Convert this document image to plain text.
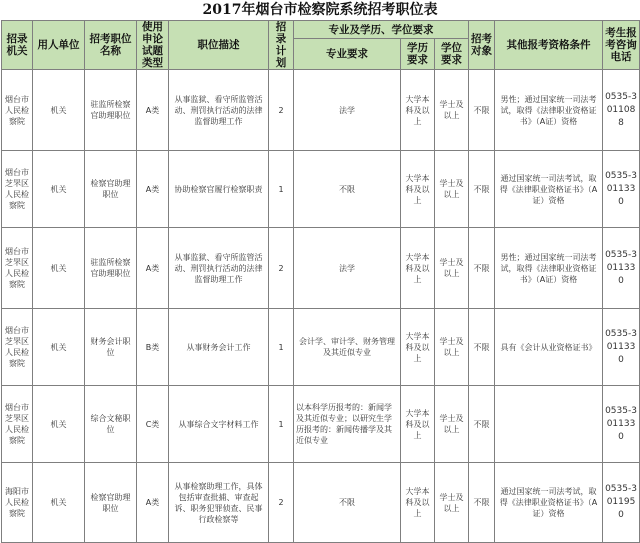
2017年烟台市检察院系统招考职位表
招录机关	用人单位	招考职位名称	使用申论试题类型	职位描述	招录计划	专业及学历、学位要求			招考对象	其他报考资格条件	考生报考咨询电话
						专业要求	学历要求	学位要求			
烟台市人民检察院	机关	驻监所检察官助理职位	A类	从事监狱、看守所监管活动、刑罚执行活动的法律监督助理工作	2	法学	大学本科及以上	学士及以上	不限	男性；通过国家统一司法考试，取得《法律职业资格证书》（A证）资格	0535-3011088
烟台市芝罘区人民检察院	机关	检察官助理职位	A类	协助检察官履行检察职责	1	不限	大学本科及以上	学士及以上	不限	通过国家统一司法考试，取得《法律职业资格证书》（A证）资格	0535-3011330
烟台市芝罘区人民检察院	机关	驻监所检察官助理职位	A类	从事监狱、看守所监管活动、刑罚执行活动的法律监督助理工作	2	法学	大学本科及以上	学士及以上	不限	男性；通过国家统一司法考试，取得《法律职业资格证书》（A证）资格	0535-3011330
烟台市芝罘区人民检察院	机关	财务会计职位	B类	从事财务会计工作	1	会计学、审计学、财务管理及其近似专业	大学本科及以上	学士及以上	不限	具有《会计从业资格证书》	0535-3011330
烟台市芝罘区人民检察院	机关	综合文秘职位	C类	从事综合文字材料工作	1	以本科学历报考的：新闻学及其近似专业；以研究生学历报考的：新闻传播学及其近似专业	大学本科及以上	学士及以上	不限		0535-3011330
海阳市人民检察院	机关	检察官助理职位	A类	从事检察助理工作，具体包括审查批捕、审查起诉、职务犯罪侦查、民事行政检察等	2	不限	大学本科及以上	学士及以上	不限	通过国家统一司法考试，取得《法律职业资格证书》（A证）资格	0535-3011950
